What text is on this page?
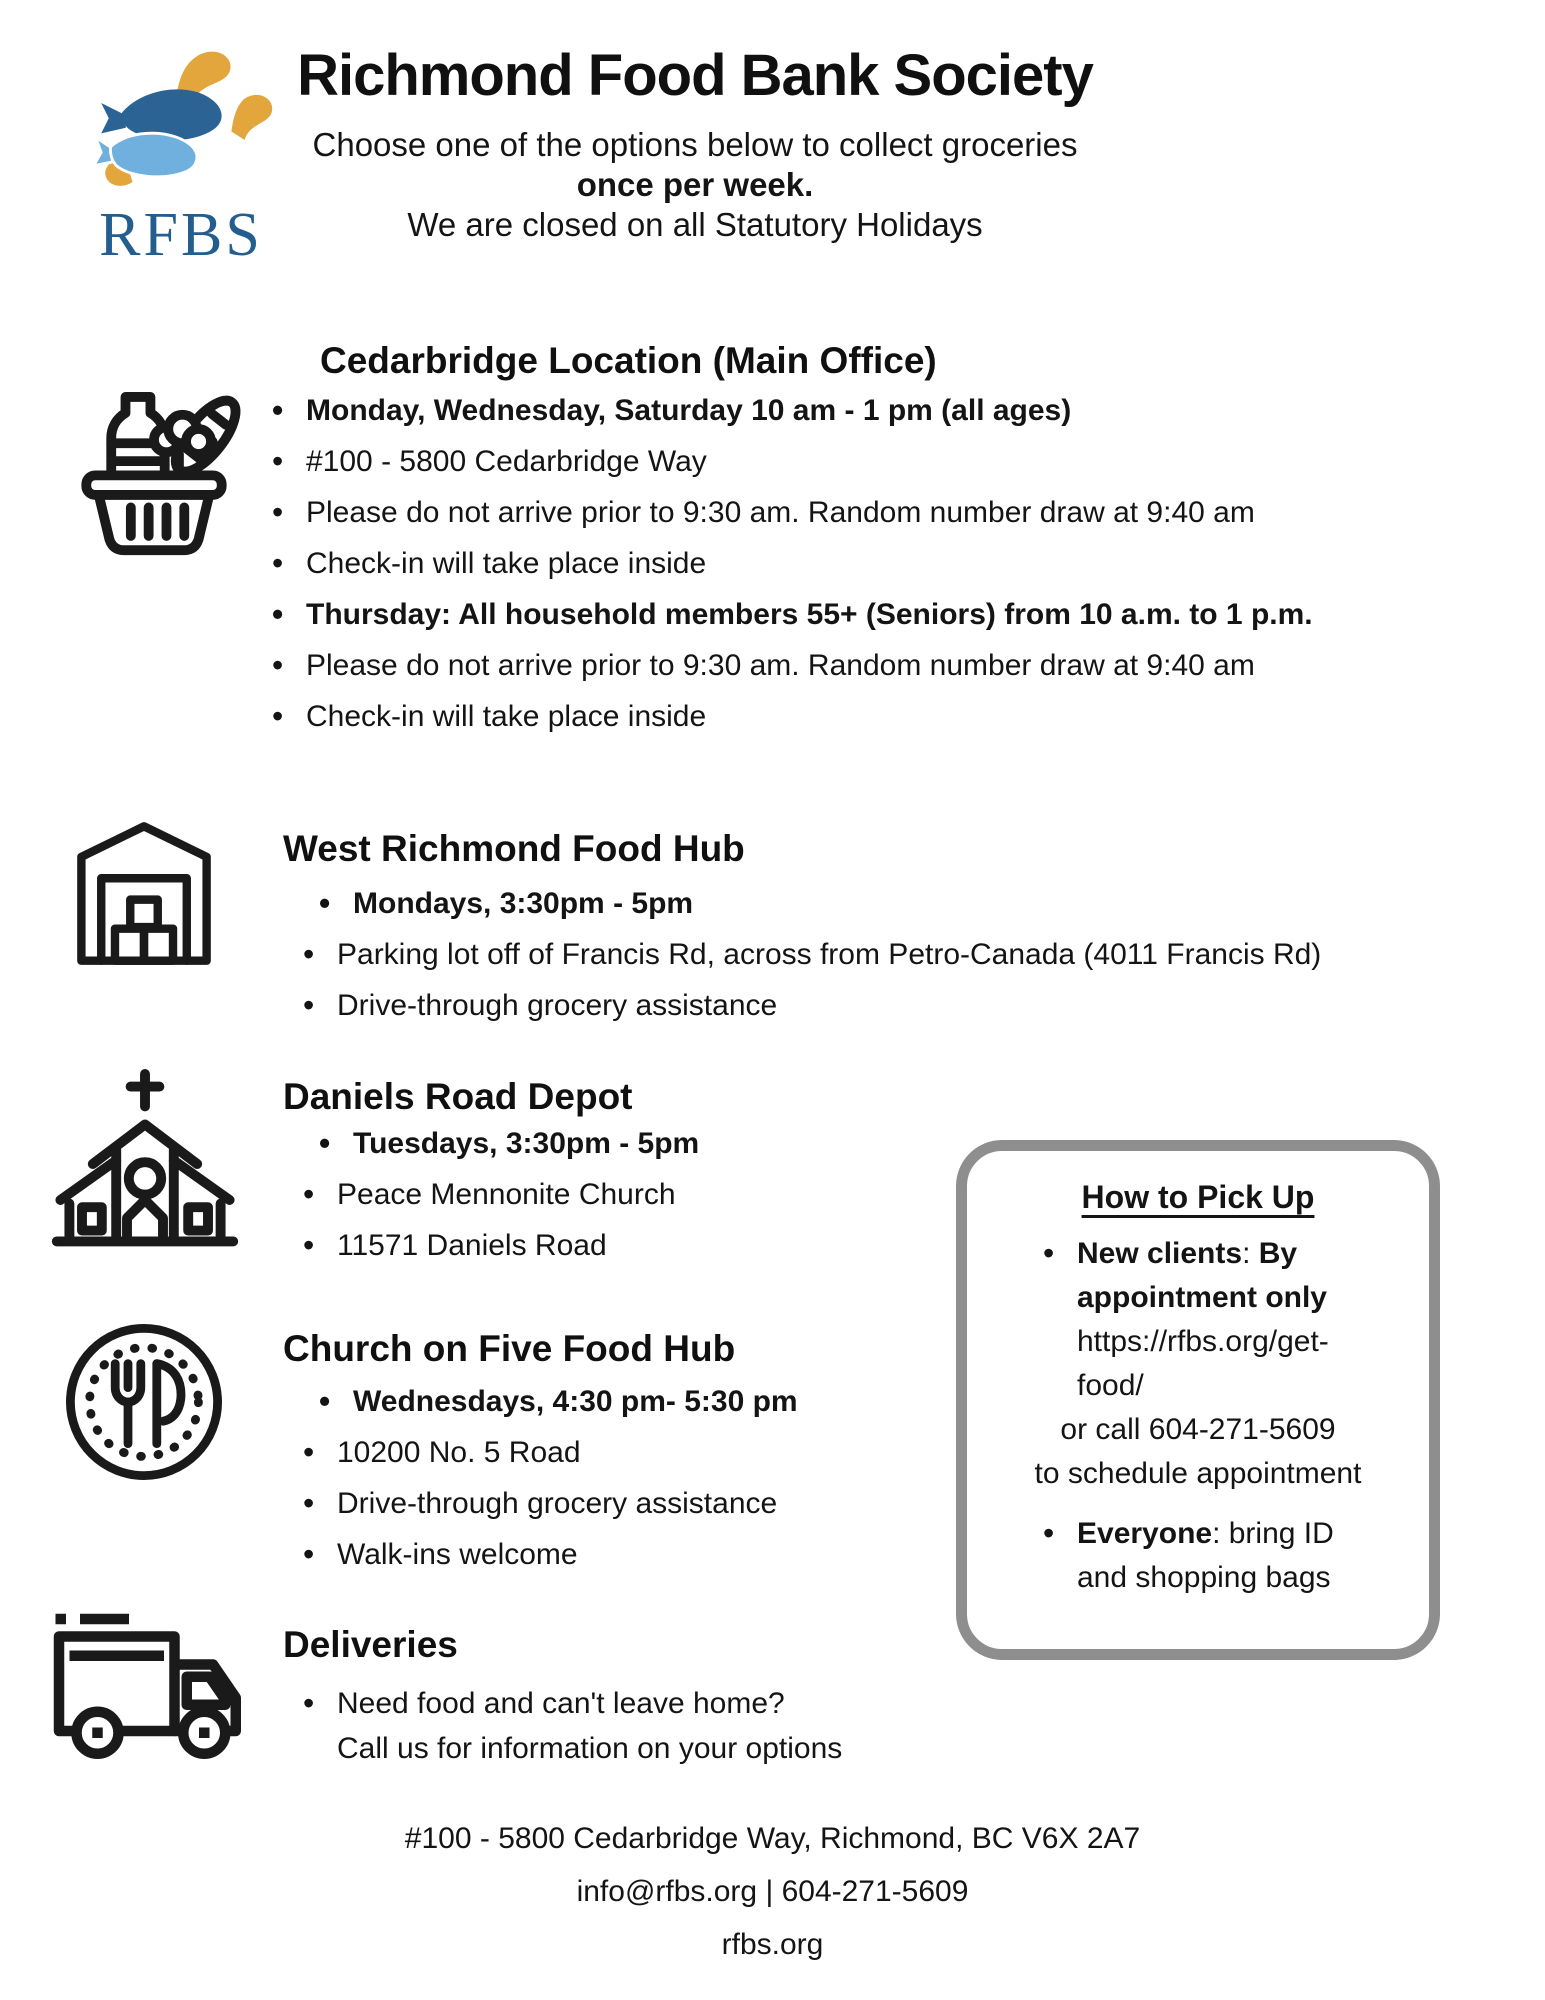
RFBS
Richmond Food Bank Society
Choose one of the options below to collect groceries
once per week.
We are closed on all Statutory Holidays
Cedarbridge Location (Main Office)
• Monday, Wednesday, Saturday 10 am - 1 pm (all ages)
• #100 - 5800 Cedarbridge Way
• Please do not arrive prior to 9:30 am. Random number draw at 9:40 am
• Check-in will take place inside
• Thursday: All household members 55+ (Seniors) from 10 a.m. to 1 p.m.
• Please do not arrive prior to 9:30 am. Random number draw at 9:40 am
• Check-in will take place inside
West Richmond Food Hub
• Mondays, 3:30pm - 5pm
• Parking lot off of Francis Rd, across from Petro-Canada (4011 Francis Rd)
• Drive-through grocery assistance
Daniels Road Depot
• Tuesdays, 3:30pm - 5pm
• Peace Mennonite Church
• 11571 Daniels Road
Church on Five Food Hub
• Wednesdays, 4:30 pm- 5:30 pm
• 10200 No. 5 Road
• Drive-through grocery assistance
• Walk-ins welcome
Deliveries
• Need food and can't leave home?
Call us for information on your options
How to Pick Up
• New clients: By appointment only
https://rfbs.org/get-food/
or call 604-271-5609
to schedule appointment
• Everyone: bring ID and shopping bags
#100 - 5800 Cedarbridge Way, Richmond, BC V6X 2A7
info@rfbs.org | 604-271-5609
rfbs.org
